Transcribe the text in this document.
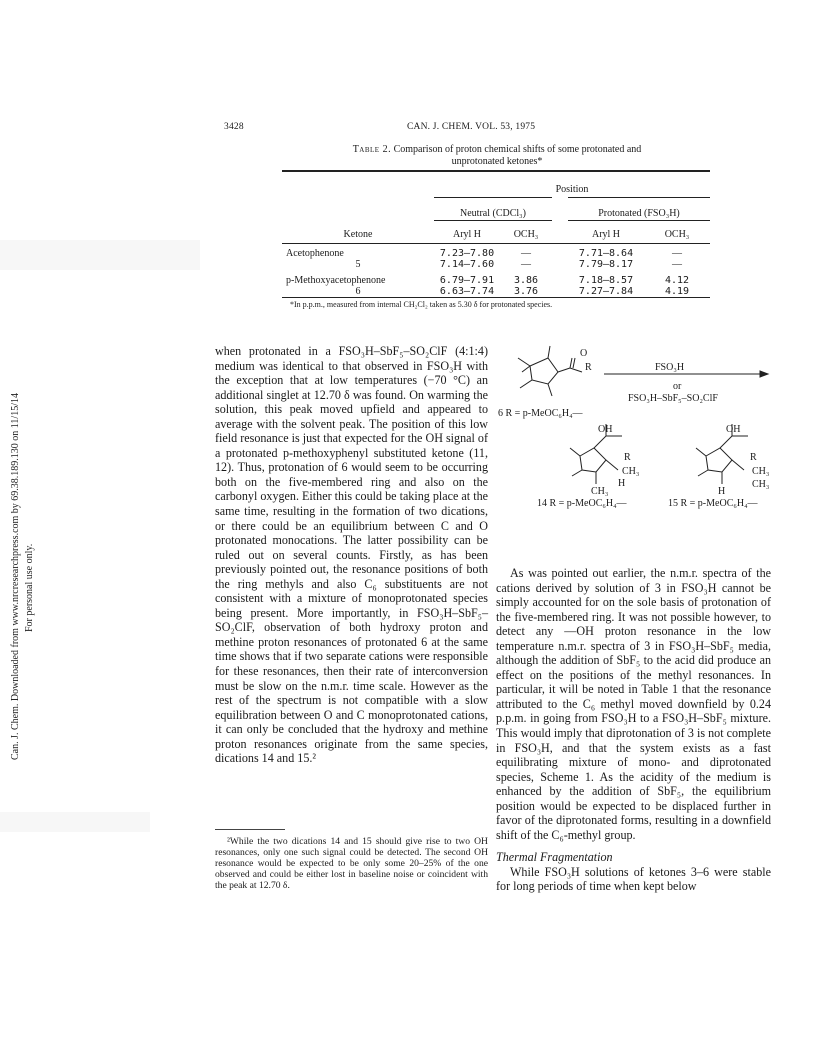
3428	CAN. J. CHEM. VOL. 53, 1975
Can. J. Chem. Downloaded from www.nrcresearchpress.com by 69.38.189.130 on 11/15/14 For personal use only.
Table 2. Comparison of proton chemical shifts of some protonated and
unprotonated ketones*

	Position				
	Neutral (CDCl₃)			Protonated (FSO₃H)	
Ketone	Aryl H	OCH₃		Aryl H	OCH₃

Acetophenone	7.23–7.80	—		7.71–8.64	—
5	7.14–7.60	—		7.79–8.17	—

p-Methoxyacetophenone	6.79–7.91	3.86		7.18–8.57	4.12
6	6.63–7.74	3.76		7.27–7.84	4.19

*In p.p.m., measured from internal CH₂Cl₂ taken as 5.30 δ for protonated species.					
O
R	FSO₃H
or
FSO₃H–SbF₅–SO₂ClF
6 R = p-MeOC₆H₄—
OH	OH
R	R
CH₃	CH₃
H	CH₃
CH₃	H
14 R = p-MeOC₆H₄—	15 R = p-MeOC₆H₄—

when protonated in a FSO₃H–SbF₅–SO₂ClF (4:1:4) medium was identical to that observed in FSO₃H with the exception that at low temperatures (−70 °C) an additional singlet at 12.70 δ was found. On warming the solution, this peak moved upfield and appeared to average with the solvent peak. The position of this low field resonance is just that expected for the OH signal of a protonated p-methoxyphenyl substituted ketone (11, 12). Thus, protonation of 6 would seem to be occurring both on the five-membered ring and also on the carbonyl oxygen. Either this could be taking place at the same time, resulting in the formation of two dications, or there could be an equilibrium between C and O protonated monocations. The latter possibility can be ruled out on several counts. Firstly, as has been previously pointed out, the resonance positions of both the ring methyls and also C₆ substituents are not consistent with a mixture of monoprotonated species being present. More importantly, in FSO₃H–SbF₅–SO₂ClF, observation of both hydroxy proton and methine proton resonances of protonated 6 at the same time shows that if two separate cations were responsible for these resonances, then their rate of interconversion must be slow on the n.m.r. time scale. However as the rest of the spectrum is not compatible with a slow equilibration between O and C monoprotonated cations, it can only be concluded that the hydroxy and methine proton resonances originate from the same species, dications 14 and 15.²

²While the two dications 14 and 15 should give rise to two OH resonances, only one such signal could be detected. The second OH resonance would be expected to be only some 20–25% of the one observed and could be either lost in baseline noise or coincident with the peak at 12.70 δ.

As was pointed out earlier, the n.m.r. spectra of the cations derived by solution of 3 in FSO₃H cannot be simply accounted for on the sole basis of protonation of the five-membered ring. It was not possible however, to detect any —OH proton resonance in the low temperature n.m.r. spectra of 3 in FSO₃H–SbF₅ media, although the addition of SbF₅ to the acid did produce an effect on the positions of the methyl resonances. In particular, it will be noted in Table 1 that the resonance attributed to the C₆ methyl moved downfield by 0.24 p.p.m. in going from FSO₃H to a FSO₃H–SbF₅ mixture. This would imply that diprotonation of 3 is not complete in FSO₃H, and that the system exists as a fast equilibrating mixture of mono- and diprotonated species, Scheme 1. As the acidity of the medium is enhanced by the addition of SbF₅, the equilibrium position would be expected to be displaced further in favor of the diprotonated forms, resulting in a downfield shift of the C₆-methyl group.

Thermal Fragmentation

While FSO₃H solutions of ketones 3–6 were stable for long periods of time when kept below
